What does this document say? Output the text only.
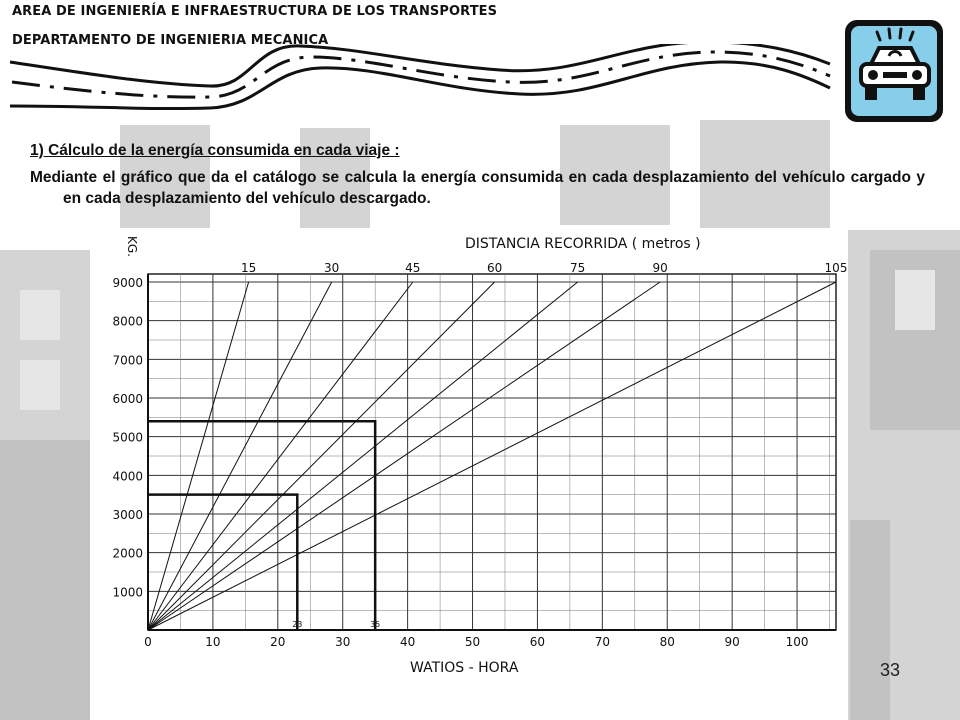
AREA DE INGENIERÍA E INFRAESTRUCTURA DE LOS TRANSPORTES
DEPARTAMENTO DE INGENIERIA MECANICA
1) Cálculo de la energía consumida en cada viaje :
Mediante el gráfico que da el catálogo se calcula la energía consumida en cada desplazamiento del vehículo cargado y en cada desplazamiento del vehículo descargado.
15	30	45	60	75	90	105
23	35
1000
2000
3000
4000
5000
6000
7000
8000
9000
0	10	20	30	40	50	60	70	80	90	100
DISTANCIA RECORRIDA ( metros )
WATIOS - HORA
KG.
33
